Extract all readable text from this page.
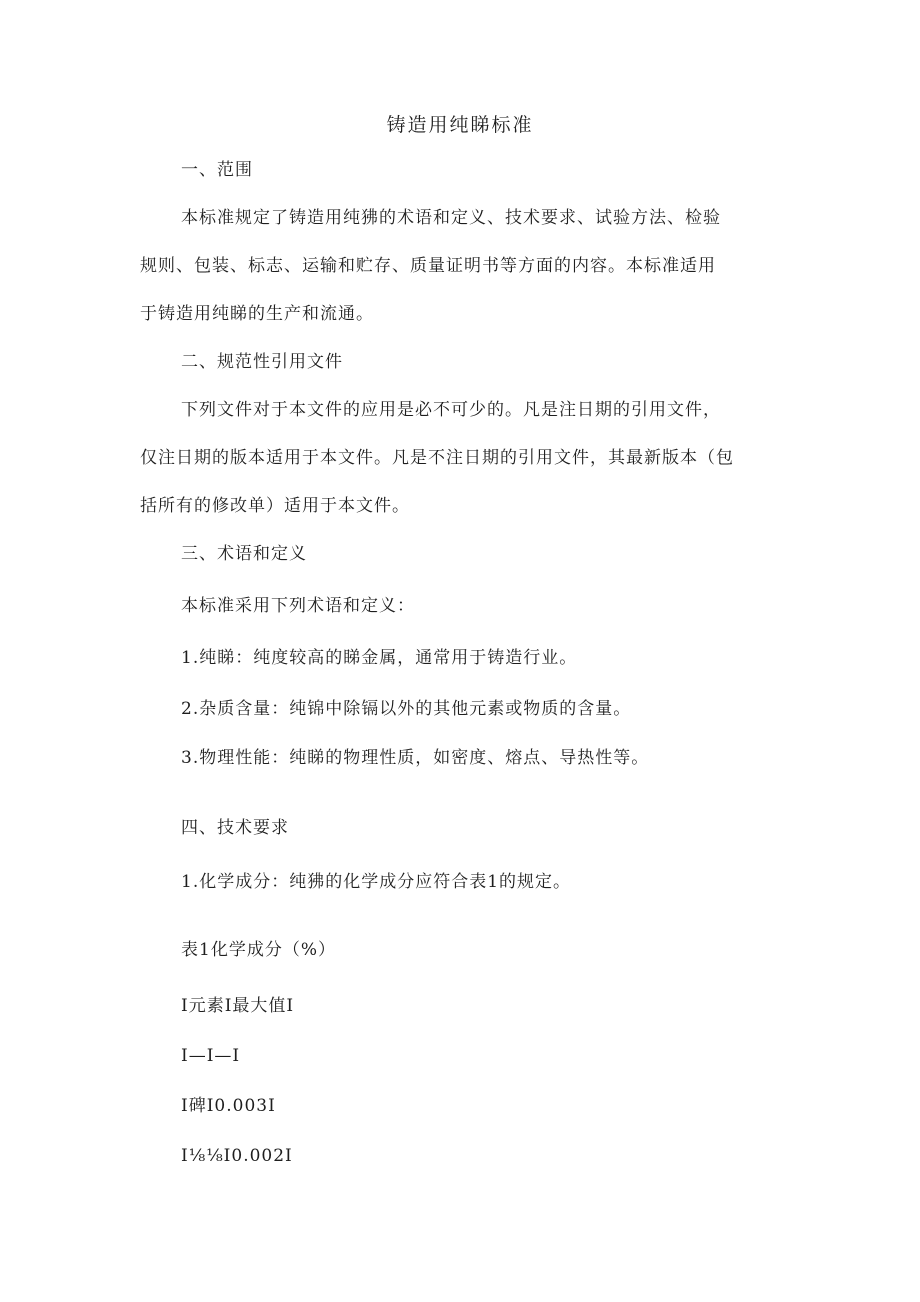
铸造用纯睇标准

一、范围

本标准规定了铸造用纯狒的术语和定义、技术要求、试验方法、检验
规则、包装、标志、运输和贮存、质量证明书等方面的内容。本标准适用
于铸造用纯睇的生产和流通。

二、规范性引用文件

下列文件对于本文件的应用是必不可少的。凡是注日期的引用文件，
仅注日期的版本适用于本文件。凡是不注日期的引用文件，其最新版本（包
括所有的修改单）适用于本文件。

三、术语和定义

本标准采用下列术语和定义：

1.纯睇：纯度较高的睇金属，通常用于铸造行业。

2.杂质含量：纯锦中除镉以外的其他元素或物质的含量。

3.物理性能：纯睇的物理性质，如密度、熔点、导热性等。

四、技术要求

1.化学成分：纯狒的化学成分应符合表1的规定。

表1化学成分（%）

I元素I最大值I

I—I—I

I碑I0.003I

I⅛⅛I0.002I
